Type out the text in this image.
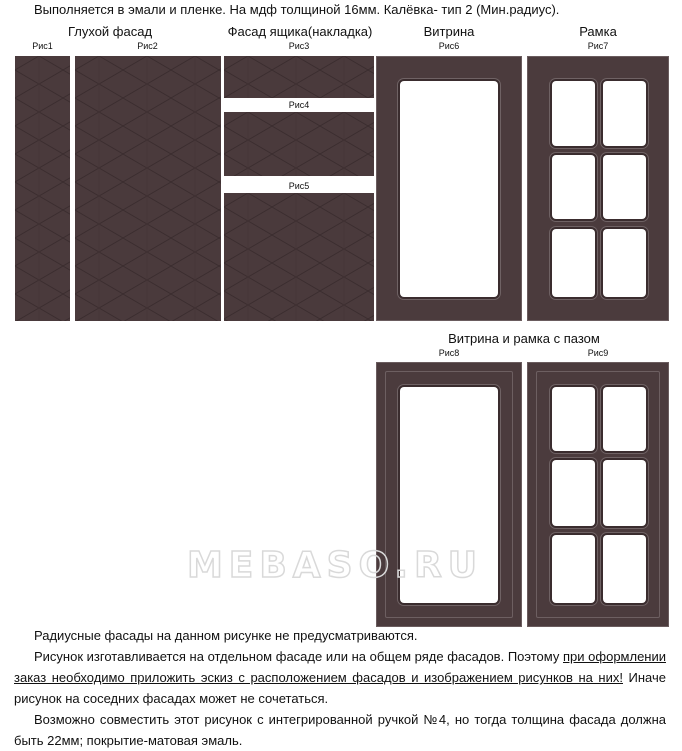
Выполняется в эмали и пленке. На мдф толщиной 16мм. Калёвка- тип 2 (Мин.радиус).
Глухой фасад	Фасад ящика(накладка)	Витрина	Рамка
Рис1	Рис2	Рис3	Рис6	Рис7
Рис4
Рис5
Витрина и рамка с пазом
Рис8	Рис9
MEBASO.RU
Радиусные фасады на данном рисунке не предусматриваются.
Рисунок изготавливается на отдельном фасаде или на общем ряде фасадов. Поэтому при оформлении заказ необходимо приложить эскиз с расположением фасадов и изображением рисунков на них! Иначе рисунок на соседних фасадах может не сочетаться.
Возможно совместить этот рисунок с интегрированной ручкой №4, но тогда толщина фасада должна быть 22мм; покрытие-матовая эмаль.
